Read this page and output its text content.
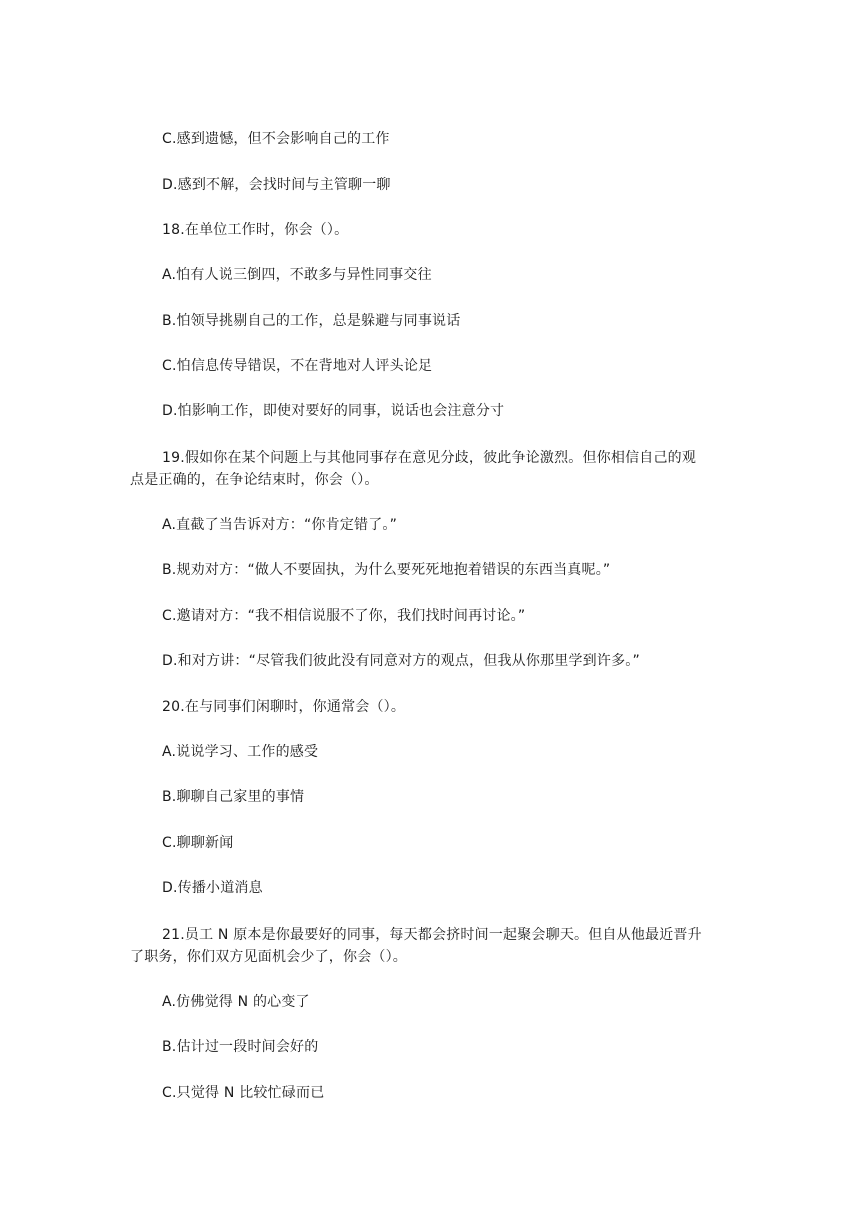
C.感到遗憾，但不会影响自己的工作
D.感到不解，会找时间与主管聊一聊
18.在单位工作时，你会（）。
A.怕有人说三倒四，不敢多与异性同事交往
B.怕领导挑剔自己的工作，总是躲避与同事说话
C.怕信息传导错误，不在背地对人评头论足
D.怕影响工作，即使对要好的同事，说话也会注意分寸
19.假如你在某个问题上与其他同事存在意见分歧，彼此争论激烈。但你相信自己的观
点是正确的，在争论结束时，你会（）。
A.直截了当告诉对方：“你肯定错了。”
B.规劝对方：“做人不要固执，为什么要死死地抱着错误的东西当真呢。”
C.邀请对方：“我不相信说服不了你，我们找时间再讨论。”
D.和对方讲：“尽管我们彼此没有同意对方的观点，但我从你那里学到许多。”
20.在与同事们闲聊时，你通常会（）。
A.说说学习、工作的感受
B.聊聊自己家里的事情
C.聊聊新闻
D.传播小道消息
21.员工 N 原本是你最要好的同事，每天都会挤时间一起聚会聊天。但自从他最近晋升
了职务，你们双方见面机会少了，你会（）。
A.仿佛觉得 N 的心变了
B.估计过一段时间会好的
C.只觉得 N 比较忙碌而已
